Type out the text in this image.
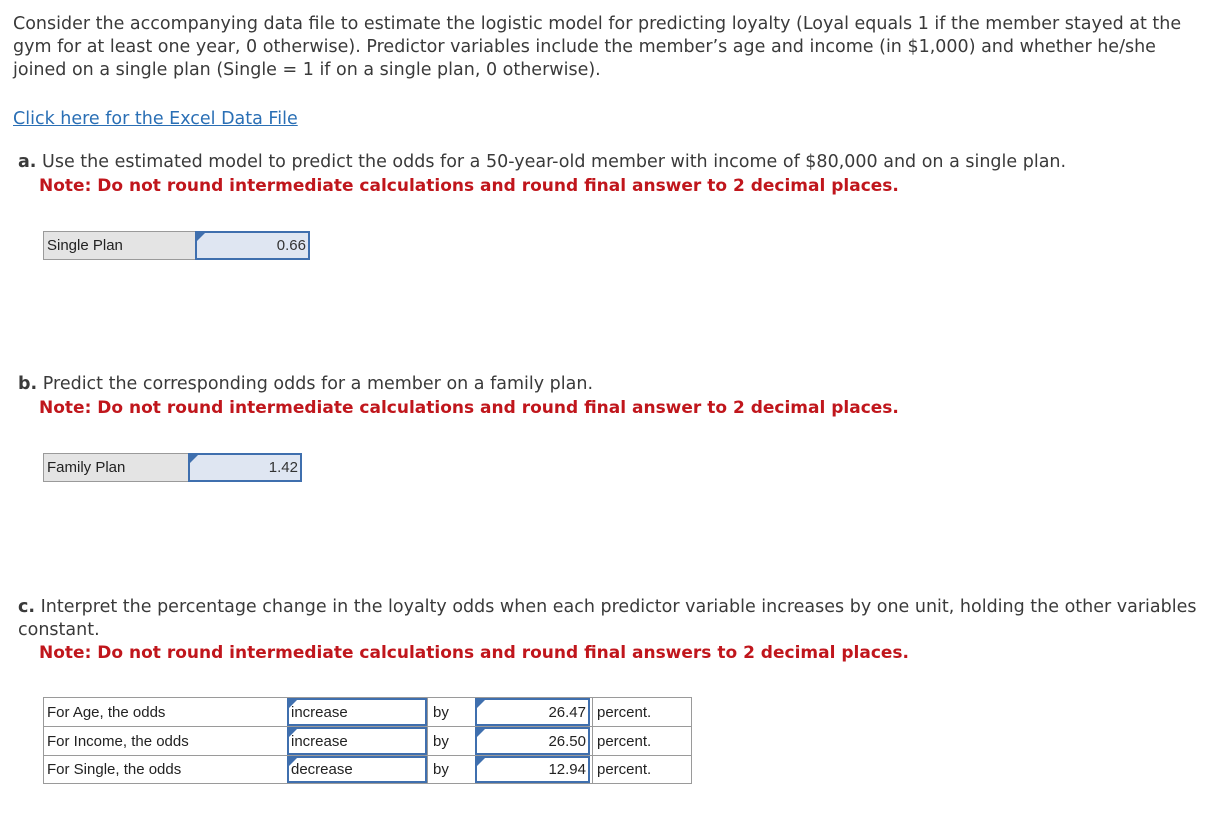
Consider the accompanying data file to estimate the logistic model for predicting loyalty (Loyal equals 1 if the member stayed at the gym for at least one year, 0 otherwise). Predictor variables include the member’s age and income (in $1,000) and whether he/she joined on a single plan (Single = 1 if on a single plan, 0 otherwise).
Click here for the Excel Data File
a. Use the estimated model to predict the odds for a 50-year-old member with income of $80,000 and on a single plan.
Note: Do not round intermediate calculations and round final answer to 2 decimal places.
Single Plan	0.66
b. Predict the corresponding odds for a member on a family plan.
Note: Do not round intermediate calculations and round final answer to 2 decimal places.
Family Plan	1.42
c. Interpret the percentage change in the loyalty odds when each predictor variable increases by one unit, holding the other variables constant.
Note: Do not round intermediate calculations and round final answers to 2 decimal places.
For Age, the odds	increase	by	26.47 percent.
For Income, the odds	increase	by	26.50 percent.
For Single, the odds	decrease	by	12.94 percent.
